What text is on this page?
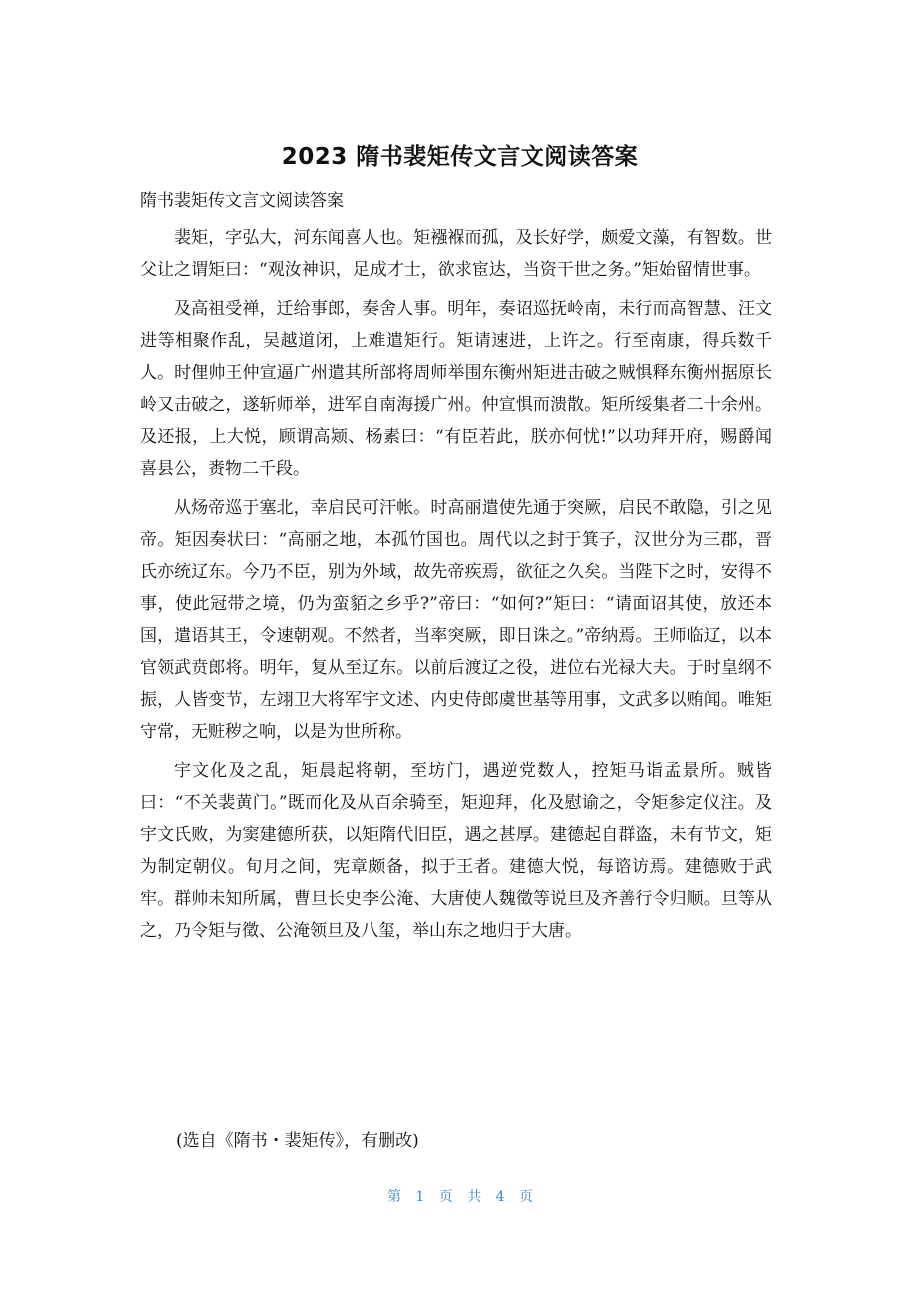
2023 隋书裴矩传文言文阅读答案
隋书裴矩传文言文阅读答案

裴矩，字弘大，河东闻喜人也。矩襁褓而孤，及长好学，颇爱文藻，有智数。世父让之谓矩曰：“观汝神识，足成才士，欲求宦达，当资干世之务。”矩始留情世事。

及高祖受禅，迁给事郎，奏舍人事。明年，奏诏巡抚岭南，未行而高智慧、汪文进等相聚作乱，吴越道闭，上难遣矩行。矩请速进，上许之。行至南康，得兵数千人。时俚帅王仲宣逼广州遣其所部将周师举围东衡州矩进击破之贼惧释东衡州据原长岭又击破之，遂斩师举，进军自南海援广州。仲宣惧而溃散。矩所绥集者二十余州。及还报，上大悦，顾谓高颎、杨素曰：“有臣若此，朕亦何忧!”以功拜开府，赐爵闻喜县公，赉物二千段。

从炀帝巡于塞北，幸启民可汗帐。时高丽遣使先通于突厥，启民不敢隐，引之见帝。矩因奏状曰：“高丽之地，本孤竹国也。周代以之封于箕子，汉世分为三郡，晋氏亦统辽东。今乃不臣，别为外域，故先帝疾焉，欲征之久矣。当陛下之时，安得不事，使此冠带之境，仍为蛮貊之乡乎?”帝曰：“如何?”矩曰：“请面诏其使，放还本国，遣语其王，令速朝观。不然者，当率突厥，即日诛之。”帝纳焉。王师临辽，以本官领武贲郎将。明年，复从至辽东。以前后渡辽之役，进位右光禄大夫。于时皇纲不振，人皆变节，左翊卫大将军宇文述、内史侍郎虞世基等用事，文武多以贿闻。唯矩守常，无赃秽之响，以是为世所称。

宇文化及之乱，矩晨起将朝，至坊门，遇逆党数人，控矩马诣孟景所。贼皆曰：“不关裴黄门。”既而化及从百余骑至，矩迎拜，化及慰谕之，令矩参定仪注。及宇文氏败，为窦建德所获，以矩隋代旧臣，遇之甚厚。建德起自群盗，未有节文，矩为制定朝仪。旬月之间，宪章颇备，拟于王者。建德大悦，每谘访焉。建德败于武牢。群帅未知所属，曹旦长史李公淹、大唐使人魏徵等说旦及齐善行令归顺。旦等从之，乃令矩与徵、公淹领旦及八玺，举山东之地归于大唐。

(选自《隋书・裴矩传》，有删改)
第 1 页 共 4 页
